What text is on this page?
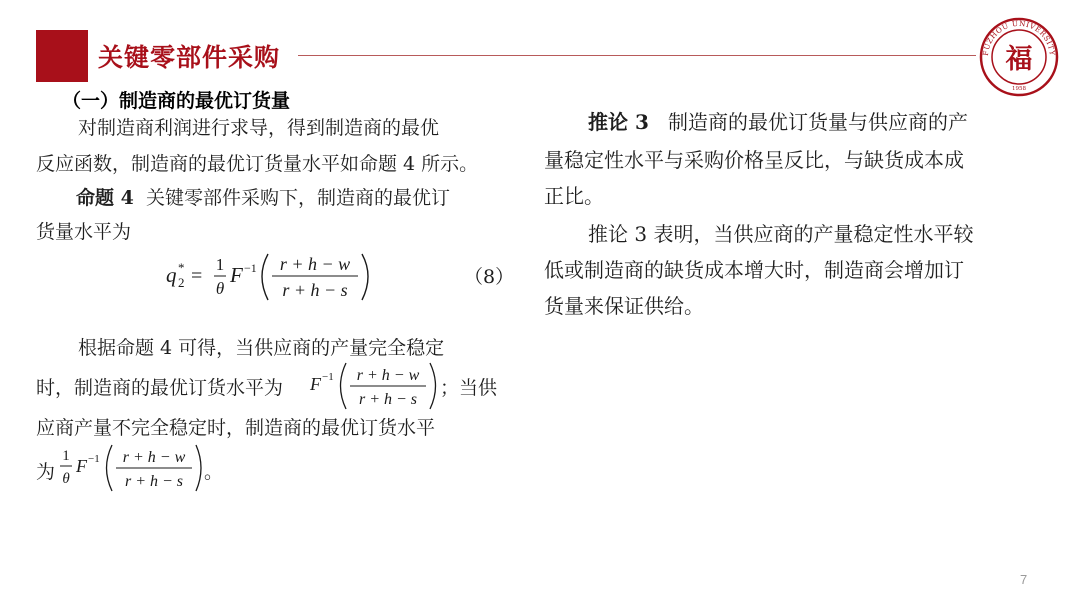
关键零部件采购	FUZHOU UNIVERSITY
福
1958
（一）制造商的最优订货量
对制造商利润进行求导，得到制造商的最优
反应函数，制造商的最优订货量水平如命题 4 所示。
命题 4 关键零部件采购下，制造商的最优订
货量水平为
q 2
* =
1
θ
F −1 r + h − w
r + h − s
（8）
根据命题 4 可得，当供应商的产量完全稳定
时，制造商的最优订货水平为 F −1 r + h − w
r + h − s
；当供
应商产量不完全稳定时，制造商的最优订货水平
为
1
θ
F −1 r + h − w
r + h − s 。
推论 3 制造商的最优订货量与供应商的产
量稳定性水平与采购价格呈反比，与缺货成本成
正比。
推论 3 表明，当供应商的产量稳定性水平较
低或制造商的缺货成本增大时，制造商会增加订
货量来保证供给。
7
